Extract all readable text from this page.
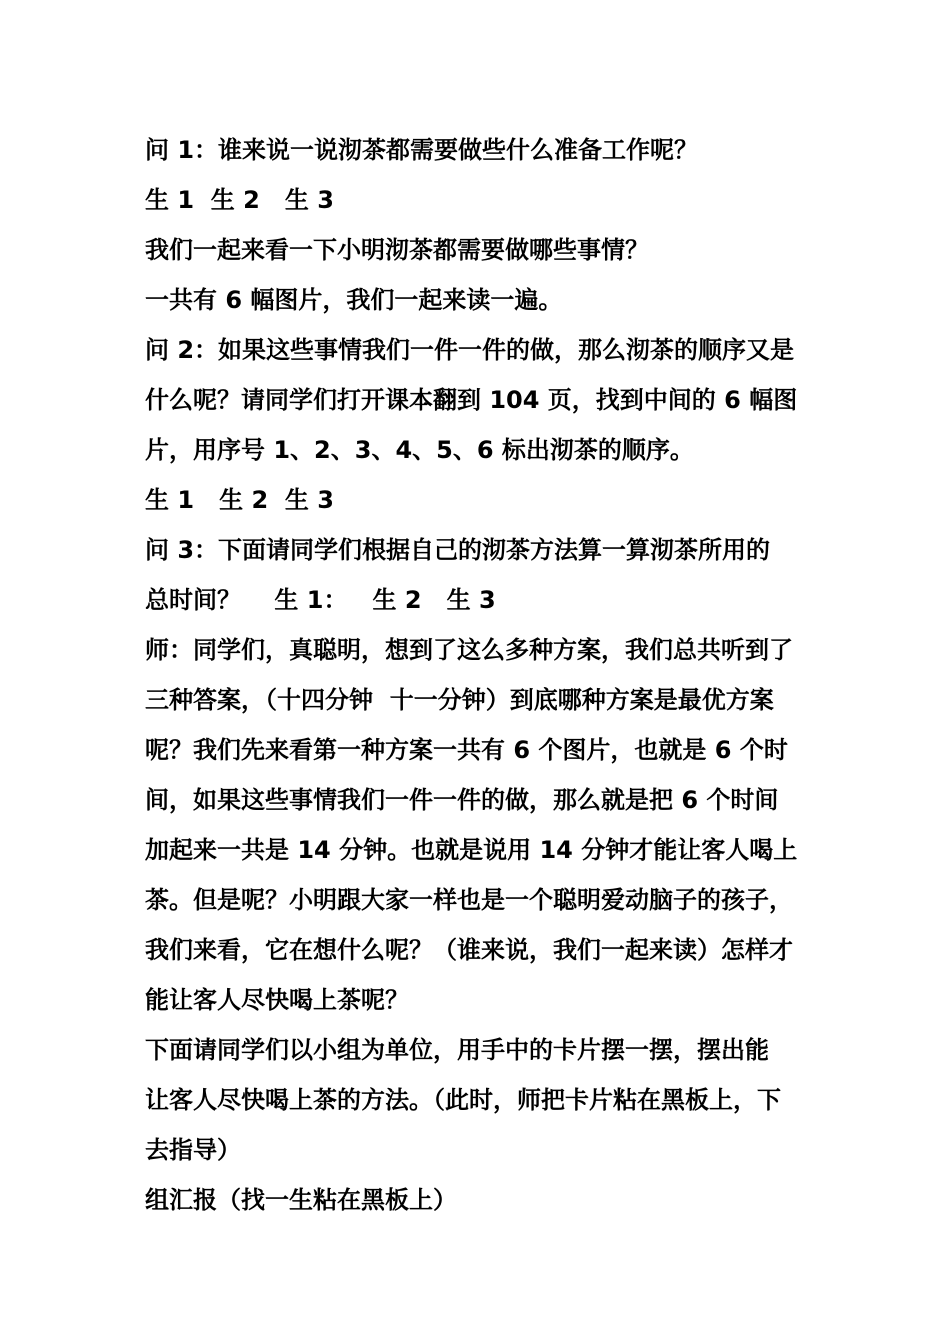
问 1：谁来说一说沏茶都需要做些什么准备工作呢？
生 1  生 2   生 3
我们一起来看一下小明沏茶都需要做哪些事情？
一共有 6 幅图片，我们一起来读一遍。
问 2：如果这些事情我们一件一件的做，那么沏茶的顺序又是
什么呢？请同学们打开课本翻到 104 页，找到中间的 6 幅图
片，用序号 1、2、3、4、5、6 标出沏茶的顺序。
生 1   生 2  生 3
问 3：下面请同学们根据自己的沏茶方法算一算沏茶所用的
总时间？    生 1：   生 2   生 3
师：同学们，真聪明，想到了这么多种方案，我们总共听到了
三种答案，（十四分钟  十一分钟）到底哪种方案是最优方案
呢？我们先来看第一种方案一共有 6 个图片，也就是 6 个时
间，如果这些事情我们一件一件的做，那么就是把 6 个时间
加起来一共是 14 分钟。也就是说用 14 分钟才能让客人喝上
茶。但是呢？小明跟大家一样也是一个聪明爱动脑子的孩子，
我们来看，它在想什么呢？（谁来说，我们一起来读）怎样才
能让客人尽快喝上茶呢？
下面请同学们以小组为单位，用手中的卡片摆一摆，摆出能
让客人尽快喝上茶的方法。（此时，师把卡片粘在黑板上，下
去指导）
组汇报（找一生粘在黑板上）
